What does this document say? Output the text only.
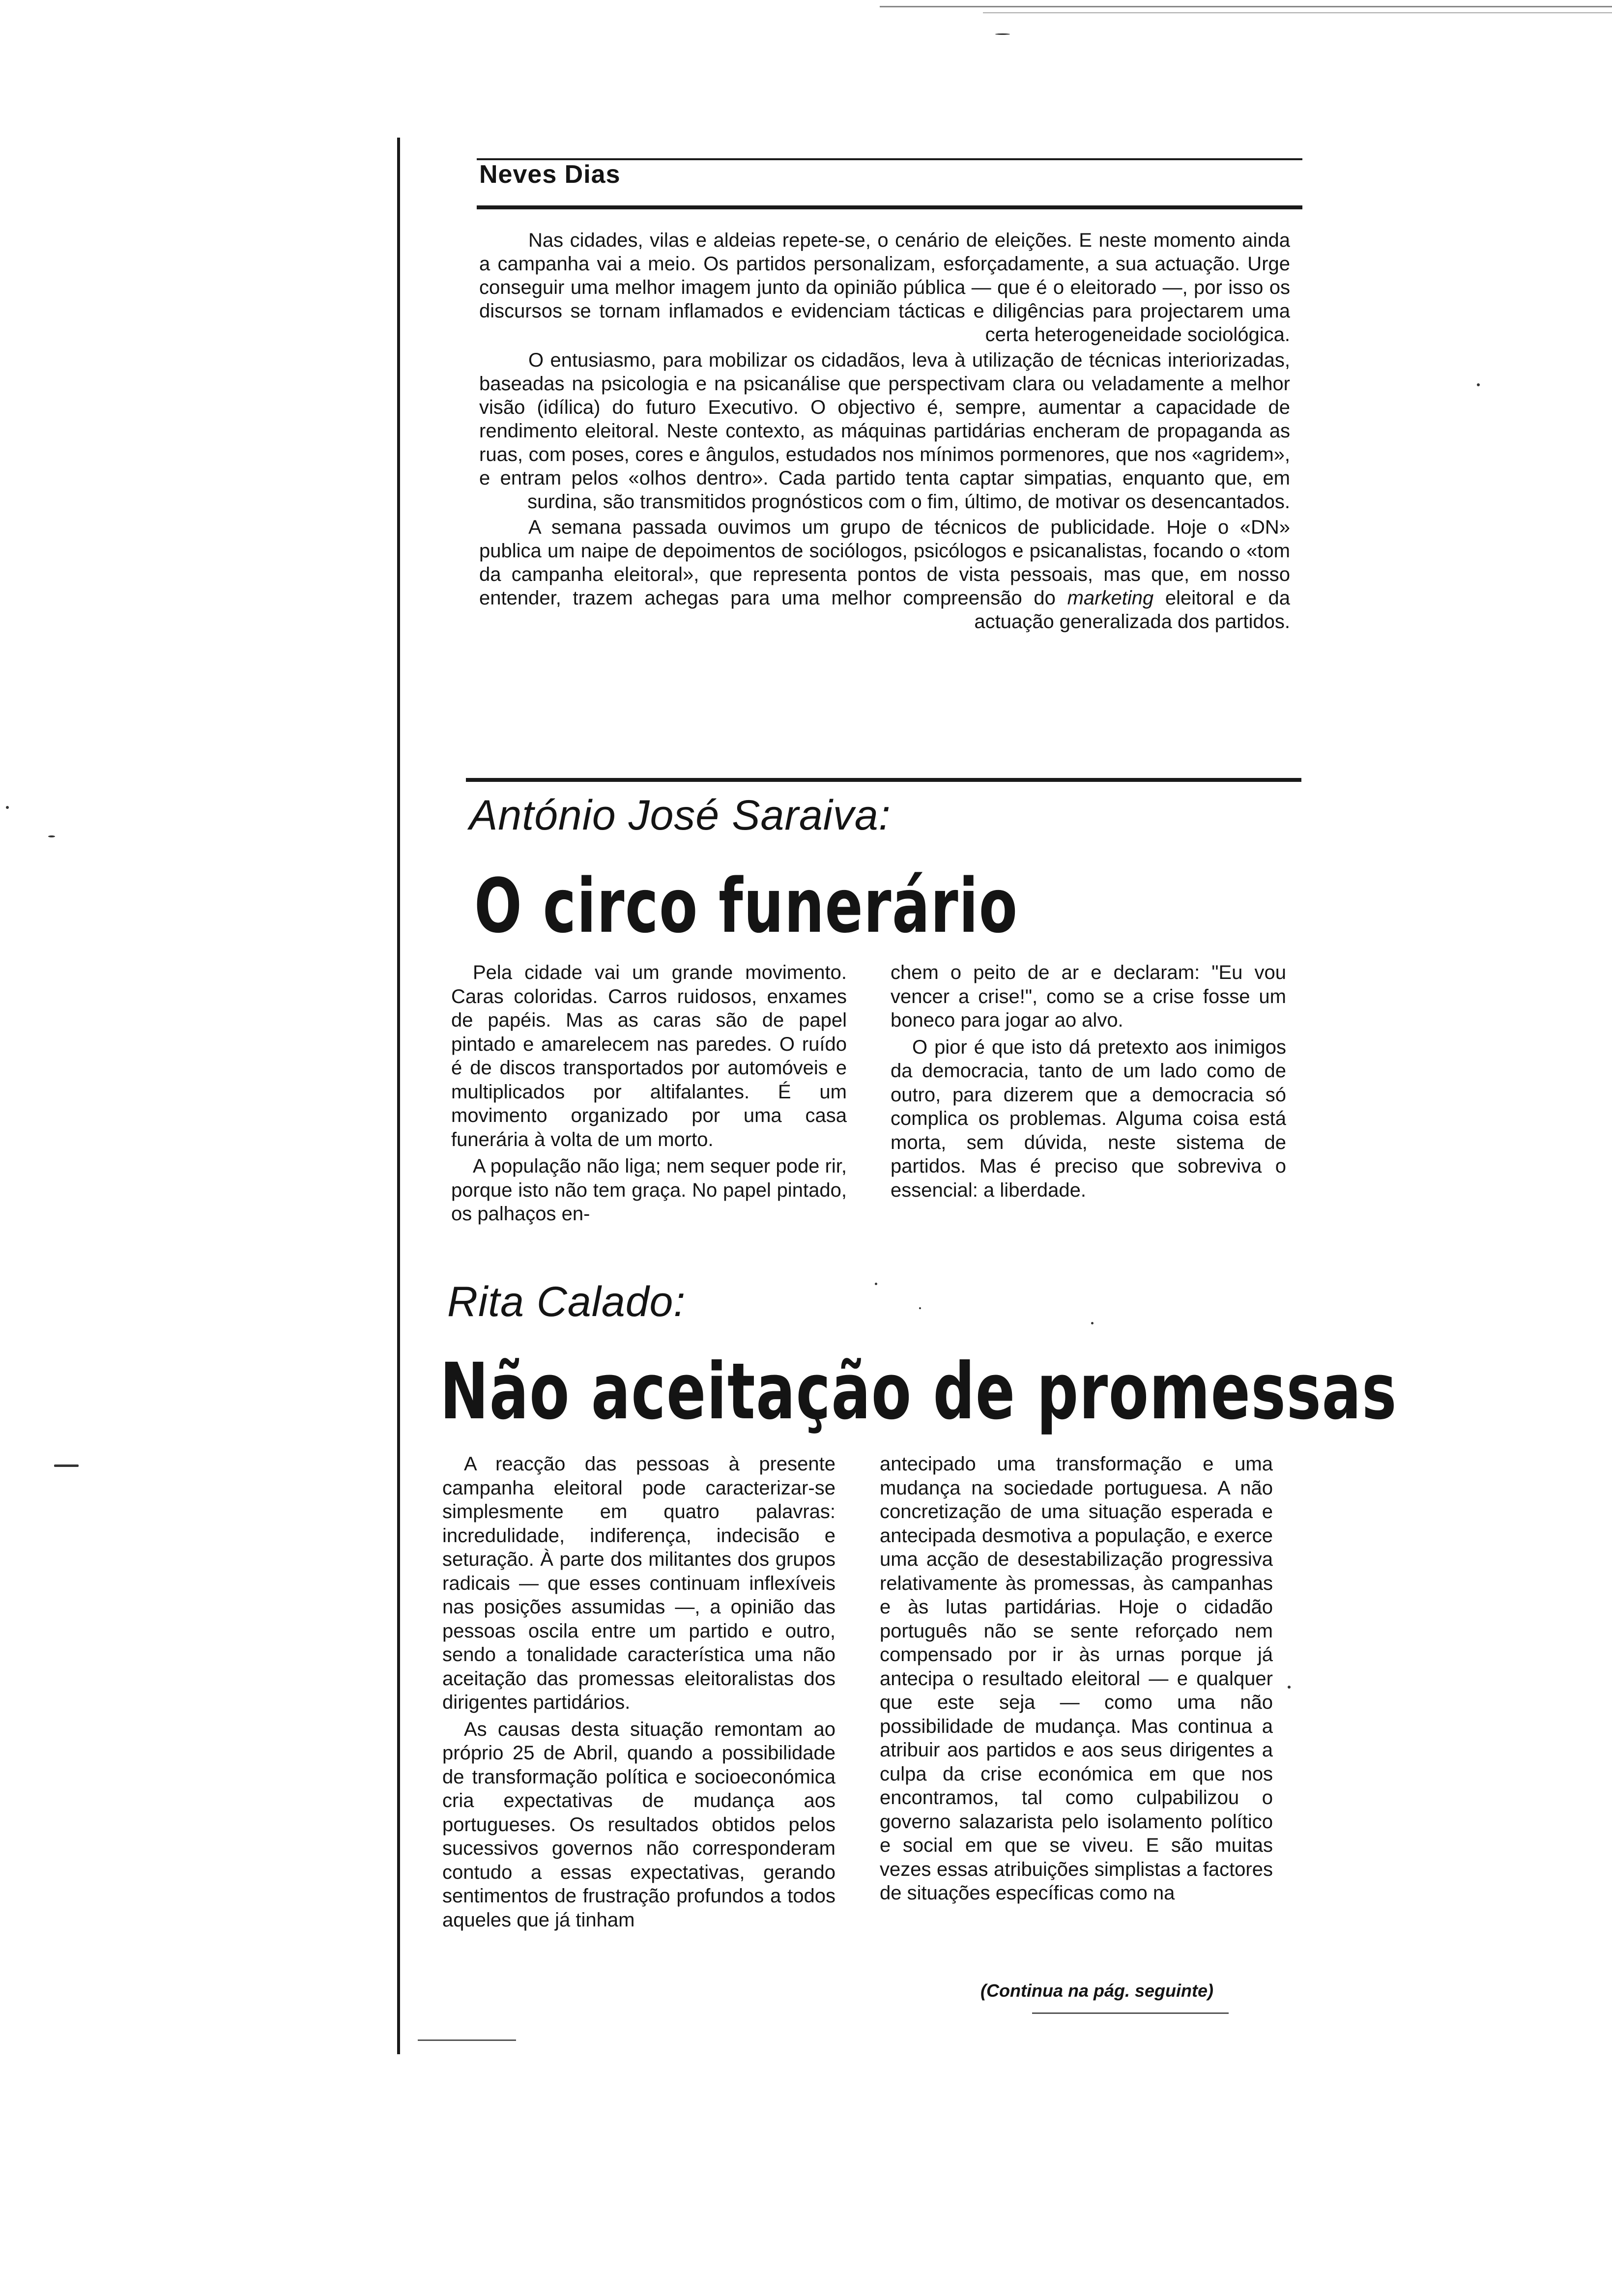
Neves Dias

Nas cidades, vilas e aldeias repete-se, o cenário de eleições. E neste momento ainda a campanha vai a meio. Os partidos personalizam, esforçadamente, a sua actuação. Urge conseguir uma melhor imagem junto da opinião pública — que é o eleitorado —, por isso os discursos se tornam inflamados e evidenciam tácticas e diligências para projectarem uma certa heterogeneidade sociológica.

O entusiasmo, para mobilizar os cidadãos, leva à utilização de técnicas interiorizadas, baseadas na psicologia e na psicanálise que perspectivam clara ou veladamente a melhor visão (idílica) do futuro Executivo. O objectivo é, sempre, aumentar a capacidade de rendimento eleitoral. Neste contexto, as máquinas partidárias encheram de propaganda as ruas, com poses, cores e ângulos, estudados nos mínimos pormenores, que nos «agridem», e entram pelos «olhos dentro». Cada partido tenta captar simpatias, enquanto que, em surdina, são transmitidos prognósticos com o fim, último, de motivar os desencantados.

A semana passada ouvimos um grupo de técnicos de publicidade. Hoje o «DN» publica um naipe de depoimentos de sociólogos, psicólogos e psicanalistas, focando o «tom da campanha eleitoral», que representa pontos de vista pessoais, mas que, em nosso entender, trazem achegas para uma melhor compreensão do marketing eleitoral e da actuação generalizada dos partidos.

António José Saraiva:
O circo funerário

Pela cidade vai um grande movimento. Caras coloridas. Carros ruidosos, enxames de papéis. Mas as caras são de papel pintado e amarelecem nas paredes. O ruído é de discos transportados por automóveis e multiplicados por altifalantes. É um movimento organizado por uma casa funerária à volta de um morto.

A população não liga; nem sequer pode rir, porque isto não tem graça. No papel pintado, os palhaços en-

chem o peito de ar e declaram: "Eu vou vencer a crise!", como se a crise fosse um boneco para jogar ao alvo.

O pior é que isto dá pretexto aos inimigos da democracia, tanto de um lado como de outro, para dizerem que a democracia só complica os problemas. Alguma coisa está morta, sem dúvida, neste sistema de partidos. Mas é preciso que sobreviva o essencial: a liberdade.

Rita Calado:
Não aceitação de promessas

A reacção das pessoas à presente campanha eleitoral pode caracterizar-se simplesmente em quatro palavras: incredulidade, indiferença, indecisão e seturação. À parte dos militantes dos grupos radicais — que esses continuam inflexíveis nas posições assumidas —, a opinião das pessoas oscila entre um partido e outro, sendo a tonalidade característica uma não aceitação das promessas eleitoralistas dos dirigentes partidários.

As causas desta situação remontam ao próprio 25 de Abril, quando a possibilidade de transformação política e socioeconómica cria expectativas de mudança aos portugueses. Os resultados obtidos pelos sucessivos governos não corresponderam contudo a essas expectativas, gerando sentimentos de frustração profundos a todos aqueles que já tinham

antecipado uma transformação e uma mudança na sociedade portuguesa. A não concretização de uma situação esperada e antecipada desmotiva a população, e exerce uma acção de desestabilização progressiva relativamente às promessas, às campanhas e às lutas partidárias. Hoje o cidadão português não se sente reforçado nem compensado por ir às urnas porque já antecipa o resultado eleitoral — e qualquer que este seja — como uma não possibilidade de mudança. Mas continua a atribuir aos partidos e aos seus dirigentes a culpa da crise económica em que nos encontramos, tal como culpabilizou o governo salazarista pelo isolamento político e social em que se viveu. E são muitas vezes essas atribuições simplistas a factores de situações específicas como na

(Continua na pág. seguinte)
